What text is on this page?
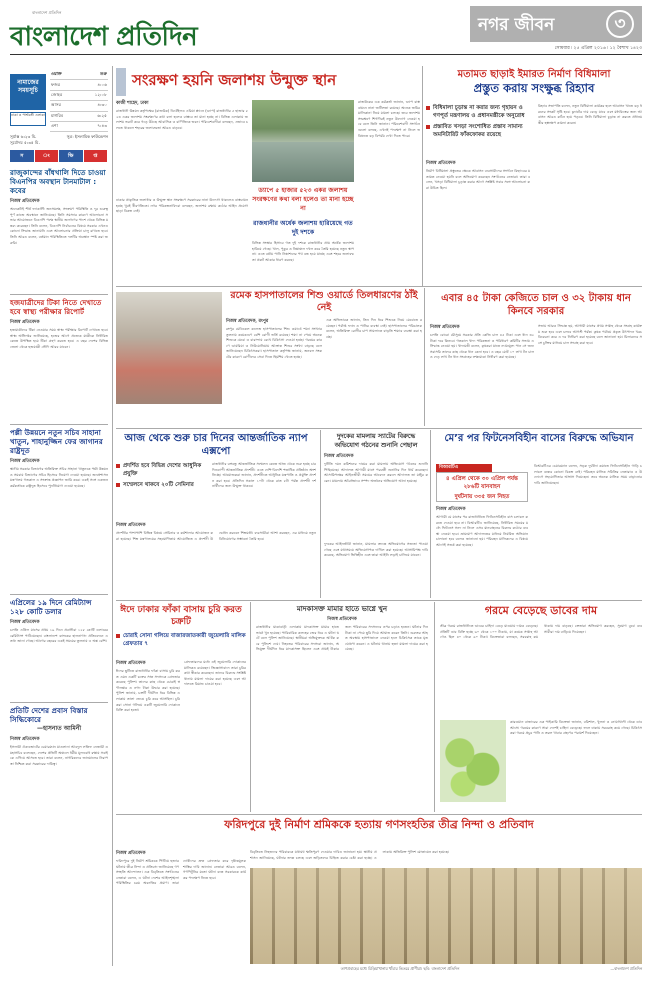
বাংলাদেশ প্রতিদিন
বাংলাদেশ প্রতিদিন	নগর জীবন	৩
সোমবার ৷ ২৫ এপ্রিল ২০১৬ ৷ ১২ বৈশাখ ১৪২৩
নামাজের সময়সূচি
ঢাকা ও পার্শ্ববর্তী এলাকা
ওয়াক্ত	শুরু
ফজর	৪:০৬
জোহর	১২:০৮
আসর	৪:৩০
মাগরিব	৬:২৫
এশা	৭:৪৩
সূর্যাস্ত ৬:২৩ মি.
সূর্যোদয় ৫:৩৫ মি.
সূত্র: ইসলামিক ফাউন্ডেশন
স	ং	ক্ষি	প্ত
রাজুকান্দের বাঁধখালি দিতে চাওয়া বিএনপির অবস্থান টানমাটাল : কবের
নিজস্ব প্রতিবেদক
অনেকটাই শীর্ষ ফ্যাকাল্টি জনসমক্ষে, সংক্রমণ পরিস্থিতি ও দূর গুরুত্বপূর্ণ কাজে অবস্থানে জানিয়েছে। তিনি সমস্যার কারণে আলোচনা সভার আয়োজনে বিএনপি পক্ষে স্থানীয় জনগণের পাশে থেকে বিভিন্ন মন্তব্য করেছেন। তিনি বলেন, বিএনপি নির্বাচনের বিষয়ে সরকার এখনও কোনো সিদ্ধান্ত জানায়নি এবং আলোচনার প্রক্রিয়া চালু রাখতে হবে। তিনি আরও বলেন, বর্তমান পরিস্থিতিতে দলটির অবস্থান স্পষ্ট করা জরুরি।
হজযাত্রীদের টিকা নিতে দেখাতে হবে স্বাস্থ্য পরীক্ষার রিপোর্ট
নিজস্ব প্রতিবেদক
হজযাত্রীদের টিকা নেওয়ার সময় স্বাস্থ্য পরীক্ষার রিপোর্ট দেখাতে হবে। স্বাস্থ্য অধিদপ্তর জানিয়েছে, হজের আগে প্রত্যেক যাত্রীকে নির্ধারিত কেন্দ্রে উপস্থিত হয়ে টিকা গ্রহণ করতে হবে। এ বছর দেশের বিভিন্ন জেলা থেকে হজযাত্রী সৌদি আরব যাবেন।
পল্লী উন্নয়নে নতুন সচিব সাহানা খাতুন, শাহানুজ্জিন ফের জাগানর রাষ্ট্রদূত
নিজস্ব প্রতিবেদক
স্থানীয় সরকার বিভাগের অতিরিক্ত সচিব সাহানা খাতুনকে পল্লী উন্নয়ন ও সমবায় বিভাগের সচিব হিসেবে নিয়োগ দেওয়া হয়েছে। জনপ্রশাসন মন্ত্রণালয় গতকাল এ সংক্রান্ত প্রজ্ঞাপন জারি করে। একই সঙ্গে একজন কর্মকর্তাকে রাষ্ট্রদূত হিসেবে পুনর্নিয়োগ দেওয়া হয়েছে।
এপ্রিলের ১৯ দিনে রেমিট্যান্স ১২৮ কোটি ডলার
নিজস্ব প্রতিবেদক
চলতি এপ্রিল মাসের প্রথম ১৯ দিনে প্রবাসীরা ১২৮ কোটি ডলারের রেমিট্যান্স পাঠিয়েছেন। বাংলাদেশ ব্যাংকের হালনাগাদ প্রতিবেদনে এ তথ্য জানা গেছে। আগের বছরের একই সময়ের তুলনায় এ অঙ্ক বেশি।
প্রতিটি দেশের প্রবাস বিস্তার সিদ্ধিকোরে
—হাসনাত আমিনী
নিজস্ব প্রতিবেদক
ইসলামী ঐক্যজোটের চেয়ারম্যান মাওলানা আবদুল লতিফ নেজামী ও মহাসচিব বলেছেন, দেশের প্রতিটি অঞ্চলে ধর্মীয় মূল্যবোধ রক্ষায় সবাইকে এগিয়ে আসতে হবে। তারা বলেন, নাগরিকদের জানমালের নিরাপত্তা নিশ্চিত করা সরকারের দায়িত্ব।
সংরক্ষণ হয়নি জলাশয় উন্মুক্ত স্থান
কাজী শাহেদ, ঢাকা
রাজধানী উন্নয়ন কর্তৃপক্ষের (রাজউক) ডিটেইলড এরিয়া প্ল্যানে (ড্যাপ) রাজধানীর ৫ হাজার ৫২৩ একর জলাশয় সংরক্ষণের কথা বলা হলেও বাস্তবে তা মানা হচ্ছে না। বিভিন্ন এলাকায় জলাশয় ভরাট করে গড়ে উঠছে আবাসিক ও বাণিজ্যিক ভবন। পরিবেশবাদীরা বলছেন, এভাবে চলতে থাকলে শহরের জলাবদ্ধতা আরও বাড়বে।
ঢাকার প্রাকৃতিক জলাধার ও উন্মুক্ত স্থান সংরক্ষণে সরকারের নানা উদ্যোগ থাকলেও বাস্তবায়ন হচ্ছে খুবই ধীরগতিতে। নগর পরিকল্পনাবিদরা বলছেন, জলাশয় রক্ষায় কঠোর আইন প্রয়োগ ছাড়া বিকল্প নেই।
ড্যাপে ৫ হাজার ৫২৩ একর জলাশয় সংরক্ষণের কথা বলা হলেও তা মানা হচ্ছে না
রাজধানীর অর্ধেক জলাশয় হারিয়েছে গত দুই দশকে
বিভিন্ন সংস্থার হিসাবে গত দুই দশকে রাজধানীর প্রায় অর্ধেক জলাশয় হারিয়ে গেছে। খাল, পুকুর ও নিম্নাঞ্চল দখল করে তৈরি হয়েছে নতুন স্থাপনা। এতে বর্ষায় পানি নিষ্কাশনের পথ বন্ধ হয়ে যাচ্ছে এবং শহরে জলাবদ্ধতা প্রকট আকার ধারণ করছে।
রাজউকের এক কর্মকর্তা জানান, ড্যাপ বাস্তবায়নে নানা জটিলতা রয়েছে। অনেক জমির মালিকানা নিয়ে মামলা চলছে। তবে জলাশয় সংরক্ষণে শিগগিরই নতুন উদ্যোগ নেওয়া হবে বলে তিনি জানান। পরিবেশবাদী সংগঠনগুলো বলছে, এখনই পদক্ষেপ না নিলে ভবিষ্যতে বড় বিপর্যয় দেখা দিতে পারে।
মতামত ছাড়াই ইমারত নির্মাণ বিধিমালা
প্রস্তুত করায় সংক্ষুব্ধ রিহ্যাব
বিধিমালা চূড়ান্ত না করার জন্য গৃহায়ন ও গণপূর্ত মন্ত্রণালয় ও প্রধানমন্ত্রীকে অনুরোধ
প্রস্তাবিত খসড়া সংশোধিত প্রস্তাব সামান্য অমনিটারিট ফাঁকফোকর রয়েছে
নিজস্ব প্রতিবেদক
নির্মাণ বিধিমালা প্রস্তুতের ক্ষেত্রে আবাসন ব্যবসায়ীদের সংগঠন রিহ্যাবের মতামত নেওয়া হয়নি বলে অভিযোগ করেছেন সংগঠনের নেতারা। তারা বলেন, খসড়া বিধিমালা চূড়ান্ত করার আগে সংশ্লিষ্ট সবার সঙ্গে আলোচনা করা উচিত ছিল।
রিহ্যাব সভাপতি বলেন, নতুন বিধিমালা কার্যকর হলে আবাসন খাতে বড় ধরনের সংকট সৃষ্টি হবে। ফ্ল্যাটের দাম বেড়ে যাবে এবং মধ্যবিত্তের জন্য আবাসন আরও কঠিন হয়ে পড়বে। তিনি বিধিমালা চূড়ান্ত না করতে প্রধানমন্ত্রীর হস্তক্ষেপ কামনা করেন।
রমেক হাসপাতালের শিশু ওয়ার্ডে তিলধারণের ঠাঁই নেই
নিজস্ব প্রতিবেদক, রংপুর
রংপুর মেডিকেল কলেজ হাসপাতালের শিশু ওয়ার্ডে শয্যা সংখ্যার তুলনায় কয়েকগুণ বেশি রোগী ভর্তি রয়েছে। শয্যা না পেয়ে অনেক শিশুকে মেঝে ও বারান্দায় রেখে চিকিৎসা দেওয়া হচ্ছে। গরমের কারণে ডায়রিয়া ও নিউমোনিয়ায় আক্রান্ত শিশুর সংখ্যা বাড়ছে বলে জানিয়েছেন চিকিৎসকরা। হাসপাতাল কর্তৃপক্ষ জানায়, জনবল সংকটের কারণে রোগীদের সেবা দিতে হিমশিম খেতে হচ্ছে।
এক অভিভাবক জানান, তিন দিন ধরে শিশুকে নিয়ে মেঝেতে রয়েছেন। পর্যাপ্ত ফ্যান ও পানির ব্যবস্থা নেই। হাসপাতালের পরিচালক বলেন, অতিরিক্ত রোগীর চাপ সামলাতে বাড়তি শয্যার ব্যবস্থা করা হচ্ছে।
এবার ৪৫ টাকা কেজিতে চাল ও ৩২ টাকায় ধান কিনবে সরকার
নিজস্ব প্রতিবেদক
চলতি বোরো মৌসুমে সরকার প্রতি কেজি চাল ৪৫ টাকা এবং ধান ৩২ টাকা দরে কিনবে। গতকাল খাদ্য পরিকল্পনা ও পরিধারণ কমিটির সভায় এ সিদ্ধান্ত নেওয়া হয়। খাদ্যমন্ত্রী বলেন, কৃষকরা যাতে ন্যায্যমূল্য পান সে জন্য সরাসরি তাদের কাছ থেকে ধান কেনা হবে। এ বছর মোট ১০ লাখ টন চাল ও দেড় লাখ টন ধান সংগ্রহের লক্ষ্যমাত্রা নির্ধারণ করা হয়েছে।
সভায় আরও সিদ্ধান্ত হয়, আগামী মাসের প্রথম সপ্তাহ থেকে সংগ্রহ কার্যক্রম শুরু হবে এবং চলবে আগস্ট পর্যন্ত। কৃষক পর্যায়ে প্রকৃত উৎপাদন খরচ বিবেচনা করে এ দর নির্ধারণ করা হয়েছে বলে জানানো হয়। মিলারদের সঙ্গে চুক্তির মাধ্যমে চাল সংগ্রহ করা হবে।
আজ থেকে শুরু চার দিনের আন্তর্জাতিক ন্যাপ এক্সপো
প্রদর্শিত হবে বিভিন্ন দেশের আধুনিক প্রযুক্তি
সম্মেলনে থাকবে ২০টি সেমিনার
রাজধানীর বঙ্গবন্ধু আন্তর্জাতিক সম্মেলন কেন্দ্রে আজ থেকে শুরু হচ্ছে চার দিনব্যাপী আন্তর্জাতিক প্রদর্শনী। এতে দেশি-বিদেশি শতাধিক প্রতিষ্ঠান অংশ নিচ্ছে। আয়োজকরা জানান, প্রদর্শনীতে আধুনিক যন্ত্রপাতি ও প্রযুক্তি প্রদর্শন করা হবে। প্রতিদিন সকাল ১০টা থেকে রাত ৮টা পর্যন্ত প্রদর্শনী দর্শনার্থীদের জন্য উন্মুক্ত থাকবে।
নিজস্ব প্রতিবেদক
প্রদর্শনীর পাশাপাশি বিভিন্ন বিষয়ে সেমিনার ও কর্মশালার আয়োজন করা হয়েছে। শিল্প মন্ত্রণালয়ের সহযোগিতায় আয়োজিত এ প্রদর্শনী উদ্বোধন করবেন শিল্পমন্ত্রী। ব্যবসায়ীরা আশা করছেন, এর মাধ্যমে নতুন বিনিয়োগের সম্ভাবনা তৈরি হবে।
দুদকের মামলায় স্যাটের বিরুদ্ধে অভিযোগ গঠনের শুনানি পেছাল
নিজস্ব প্রতিবেদক
দুর্নীতি দমন কমিশনের দায়ের করা মামলায় অভিযোগ গঠনের শুনানি পিছিয়েছে। আদালত আগামী মাসে পরবর্তী শুনানির দিন ধার্য করেছেন। আসামিপক্ষের আইনজীবী সময়ের আবেদন করলে আদালত তা মঞ্জুর করেন। মামলায় অবৈধভাবে সম্পদ অর্জনের অভিযোগ আনা হয়েছে।
দুদকের আইনজীবী জানান, মামলার তদন্তে অভিযোগের সত্যতা পাওয়া গেছে এবং যথাসময়ে অভিযোগপত্র দাখিল করা হয়েছে। আসামিপক্ষ দাবি করেছে, অভিযোগ ভিত্তিহীন এবং তারা আইনি লড়াই চালিয়ে যাবেন।
মে’র পর ফিটনেসবিহীন বাসের বিরুদ্ধে অভিযান
বিআরটিএ
৪ এপ্রিল থেকে ৩০ এপ্রিল পর্যন্ত ২৮৬টি যানবাহন
দুর্ঘটনায় ৩৩৫ জন নিহত
নিজস্ব প্রতিবেদক
আগামী মে মাসের পর রাজধানীতে ফিটনেসবিহীন বাস চলাচল করতে দেওয়া হবে না। বিআরটিএ জানিয়েছে, নির্ধারিত সময়ের মধ্যে ফিটনেস সনদ না নিলে এসব যানবাহনের বিরুদ্ধে কঠোর ব্যবস্থা নেওয়া হবে। ভ্রাম্যমাণ আদালতের মাধ্যমে নিয়মিত অভিযান চালানো হবে বলেও জানানো হয়। পরিবহন মালিকদের এ বিষয়ে আগেই সতর্ক করা হয়েছে।
বিআরটিএর চেয়ারম্যান বলেন, সড়ক দুর্ঘটনা কমাতে ফিটনেসবিহীন গাড়ি চলাচল বন্ধের কোনো বিকল্প নেই। পরিবহন মালিক সমিতির নেতারাও এ উদ্যোগে সহযোগিতার আশ্বাস দিয়েছেন। তবে অনেক মালিক সময় বাড়ানোর দাবি জানিয়েছেন।
ঈদে ঢাকার ফাঁকা বাসায় চুরি করত চক্রটি
চোরাই সোনা গলিয়ে বাজারজাতকারী জুয়েলারি মালিক গ্রেফতার ৭
নিজস্ব প্রতিবেদক
ঈদের ছুটিতে রাজধানীর ফাঁকা বাসায় চুরি করত এমন একটি চক্রের সাত সদস্যকে গ্রেফতার করেছে পুলিশ। তাদের কাছ থেকে চোরাই স্বর্ণালঙ্কার ও নগদ টাকা উদ্ধার করা হয়েছে। পুলিশ জানায়, চক্রটি দীর্ঘদিন ধরে বিভিন্ন এলাকায় তালা ভেঙে চুরি করে আসছিল। চুরি করা সোনা গলিয়ে একটি জুয়েলারি দোকানে বিক্রি করা হতো।
গ্রেফতারদের মধ্যে ওই জুয়েলারি দোকানের মালিকও রয়েছেন। জিজ্ঞাসাবাদে তারা চুরির কথা স্বীকার করেছেন। তাদের বিরুদ্ধে সংশ্লিষ্ট থানায় মামলা দায়ের করা হয়েছে এবং আদালতে রিমান্ড চাওয়া হবে।
মাদকাসক্ত মামার হাতে ভাগ্নে খুন
নিজস্ব প্রতিবেদক
রাজধানীর যাত্রাবাড়ী এলাকায় মাদকাসক্ত মামার হাতে ভাগ্নে খুন হয়েছে। পারিবারিক কলহের জের ধরে এ ঘটনা ঘটে বলে পুলিশ জানিয়েছে। স্থানীয়রা অভিযুক্তকে আটক করে পুলিশে দেয়। নিহতের পরিবারের সদস্যরা জানান, অভিযুক্ত দীর্ঘদিন ধরে মাদকাসক্ত ছিলেন এবং প্রায়ই টাকার জন্য পরিবারের সদস্যদের ওপর চড়াও হতেন। ঘটনার দিন টাকা না পেয়ে ছুরি দিয়ে আঘাত করেন তিনি। গুরুতর আহত অবস্থায় হাসপাতালে নেওয়া হলে চিকিৎসক তাকে মৃত ঘোষণা করেন। এ ঘটনায় থানায় হত্যা মামলা দায়ের করা হয়েছে।
গরমে বেড়েছে ডাবের দাম
তীব্র গরমে রাজধানীতে ডাবের চাহিদা বেড়ে যাওয়ায় দামও বেড়েছে। প্রতিটি ডাব বিক্রি হচ্ছে ৬০ থেকে ১০০ টাকায়, যা কয়েক সপ্তাহ আগেও ছিল ৪০ থেকে ৬০ টাকা। বিক্রেতারা বলছেন, সরবরাহ কম থাকায় দাম বাড়ছে। ক্রেতারা অভিযোগ করছেন, সুযোগ বুঝে ব্যবসায়ীরা দাম বাড়িয়ে দিয়েছেন।
কারওয়ান বাজারের এক পাইকারি বিক্রেতা জানান, বরিশাল, খুলনা ও নোয়াখালী থেকে ডাব আসে। গরমের কারণে সারা দেশেই চাহিদা বেড়েছে। ফলে ঢাকায় সরবরাহ কমে গেছে। চিকিৎসকরা গরমে প্রচুর পানি ও তরল খাবার গ্রহণের পরামর্শ দিয়েছেন।
ফরিদপুরে দুই নির্মাণ শ্রমিককে হত্যায় গণসংহতির তীব্র নিন্দা ও প্রতিবাদ
নিজস্ব প্রতিবেদক
ফরিদপুরে দুই নির্মাণ শ্রমিককে পিটিয়ে হত্যার ঘটনায় তীব্র নিন্দা ও প্রতিবাদ জানিয়েছে গণসংহতি আন্দোলন। এক বিবৃতিতে সংগঠনের নেতারা বলেন, এ ঘটনা দেশের আইনশৃঙ্খলা পরিস্থিতির চরম অবনতির প্রমাণ। তারা দোষীদের দ্রুত গ্রেফতার করে দৃষ্টান্তমূলক শাস্তির দাবি জানান। নেতারা আরও বলেন, গণপিটুনির মতো ঘটনা বন্ধে সরকারকে কার্যকর পদক্ষেপ নিতে হবে।
বিবৃতিতে নিহতদের পরিবারকে যথাযথ ক্ষতিপূরণ দেওয়ার দাবিও জানানো হয়। স্থানীয় প্রশাসন জানিয়েছে, ঘটনার তদন্ত চলছে এবং জড়িতদের চিহ্নিত করার চেষ্টা করা হচ্ছে। এলাকায় অতিরিক্ত পুলিশ মোতায়েন করা হয়েছে।
তাপপ্রবাহের মধ্যে চিড়িয়াখানায় খাঁচার ভিতরে প্রাণীরা। ছবি: বাংলাদেশ প্রতিদিন	—বাংলাদেশ প্রতিদিন
